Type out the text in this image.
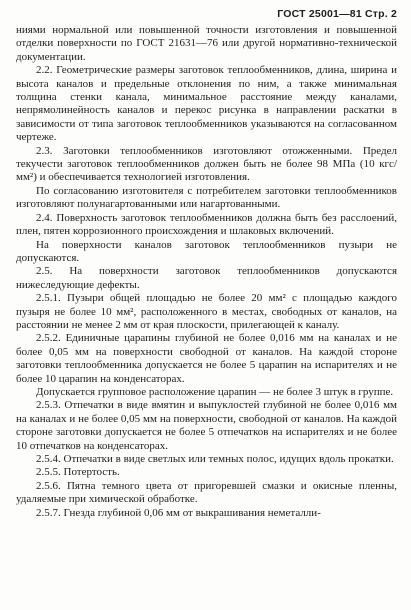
ГОСТ 25001—81 Стр. 2

ниями нормальной или повышенной точности изготовления и повышенной отделки поверхности по ГОСТ 21631—76 или другой нормативно-технической документации.

2.2. Геометрические размеры заготовок теплообменников, длина, ширина и высота каналов и предельные отклонения по ним, а также минимальная толщина стенки канала, минимальное расстояние между каналами, непрямолинейность каналов и перекос рисунка в направлении раскатки в зависимости от типа заготовок теплообменников указываются на согласованном чертеже.

2.3. Заготовки теплообменников изготовляют отожженными. Предел текучести заготовок теплообменников должен быть не более 98 МПа (10 кгс/мм²) и обеспечивается технологией изготовления.

По согласованию изготовителя с потребителем заготовки теплообменников изготовляют полунагартованными или нагартованными.

2.4. Поверхность заготовок теплообменников должна быть без расслоений, плен, пятен коррозионного происхождения и шлаковых включений.

На поверхности каналов заготовок теплообменников пузыри не допускаются.

2.5. На поверхности заготовок теплообменников допускаются нижеследующие дефекты.

2.5.1. Пузыри общей площадью не более 20 мм² с площадью каждого пузыря не более 10 мм², расположенного в местах, свободных от каналов, на расстоянии не менее 2 мм от края плоскости, прилегающей к каналу.

2.5.2. Единичные царапины глубиной не более 0,016 мм на каналах и не более 0,05 мм на поверхности свободной от каналов. На каждой стороне заготовки теплообменника допускается не более 5 царапин на испарителях и не более 10 царапин на конденсаторах.

Допускается групповое расположение царапин — не более 3 штук в группе.

2.5.3. Отпечатки в виде вмятин и выпуклостей глубиной не более 0,016 мм на каналах и не более 0,05 мм на поверхности, свободной от каналов. На каждой стороне заготовки допускается не более 5 отпечатков на испарителях и не более 10 отпечатков на конденсаторах.

2.5.4. Отпечатки в виде светлых или темных полос, идущих вдоль прокатки.

2.5.5. Потертость.

2.5.6. Пятна темного цвета от пригоревшей смазки и окисные пленны, удаляемые при химической обработке.

2.5.7. Гнезда глубиной 0,06 мм от выкрашивания неметалли-
